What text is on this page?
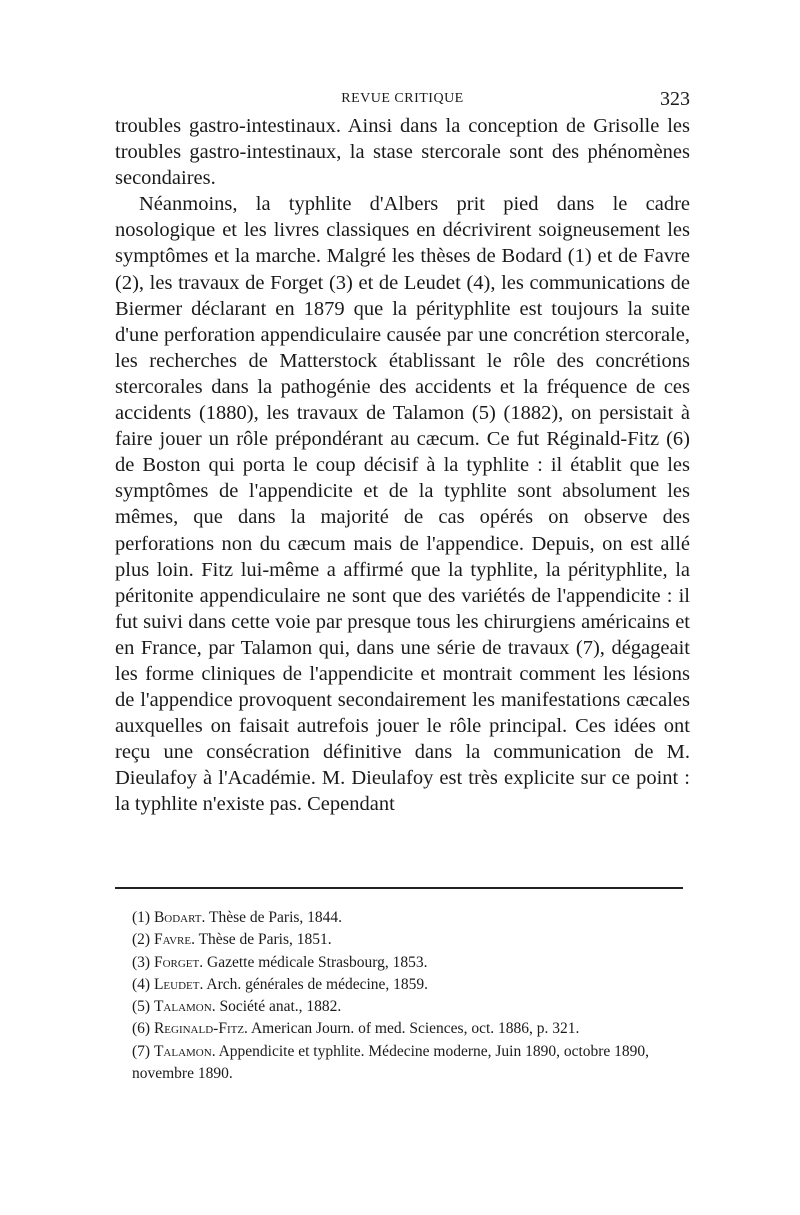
REVUE CRITIQUE	323

troubles gastro-intestinaux. Ainsi dans la conception de Grisolle les troubles gastro-intestinaux, la stase stercorale sont des phénomènes secondaires.

Néanmoins, la typhlite d'Albers prit pied dans le cadre nosologique et les livres classiques en décrivirent soigneusement les symptômes et la marche. Malgré les thèses de Bodard (1) et de Favre (2), les travaux de Forget (3) et de Leudet (4), les communications de Biermer déclarant en 1879 que la pérityphlite est toujours la suite d'une perforation appendiculaire causée par une concrétion stercorale, les recherches de Matterstock établissant le rôle des concrétions stercorales dans la pathogénie des accidents et la fréquence de ces accidents (1880), les travaux de Talamon (5) (1882), on persistait à faire jouer un rôle prépondérant au cæcum. Ce fut Réginald-Fitz (6) de Boston qui porta le coup décisif à la typhlite : il établit que les symptômes de l'appendicite et de la typhlite sont absolument les mêmes, que dans la majorité de cas opérés on observe des perforations non du cæcum mais de l'appendice. Depuis, on est allé plus loin. Fitz lui-même a affirmé que la typhlite, la pérityphlite, la péritonite appendiculaire ne sont que des variétés de l'appendicite : il fut suivi dans cette voie par presque tous les chirurgiens américains et en France, par Talamon qui, dans une série de travaux (7), dégageait les forme cliniques de l'appendicite et montrait comment les lésions de l'appendice provoquent secondairement les manifestations cæcales auxquelles on faisait autrefois jouer le rôle principal. Ces idées ont reçu une consécration définitive dans la communication de M. Dieulafoy à l'Académie. M. Dieulafoy est très explicite sur ce point : la typhlite n'existe pas. Cependant

(1) Bodart. Thèse de Paris, 1844.

(2) Favre. Thèse de Paris, 1851.

(3) Forget. Gazette médicale Strasbourg, 1853.

(4) Leudet. Arch. générales de médecine, 1859.

(5) Talamon. Société anat., 1882.

(6) Reginald-Fitz. American Journ. of med. Sciences, oct. 1886, p. 321.

(7) Talamon. Appendicite et typhlite. Médecine moderne, Juin 1890, octobre 1890, novembre 1890.
